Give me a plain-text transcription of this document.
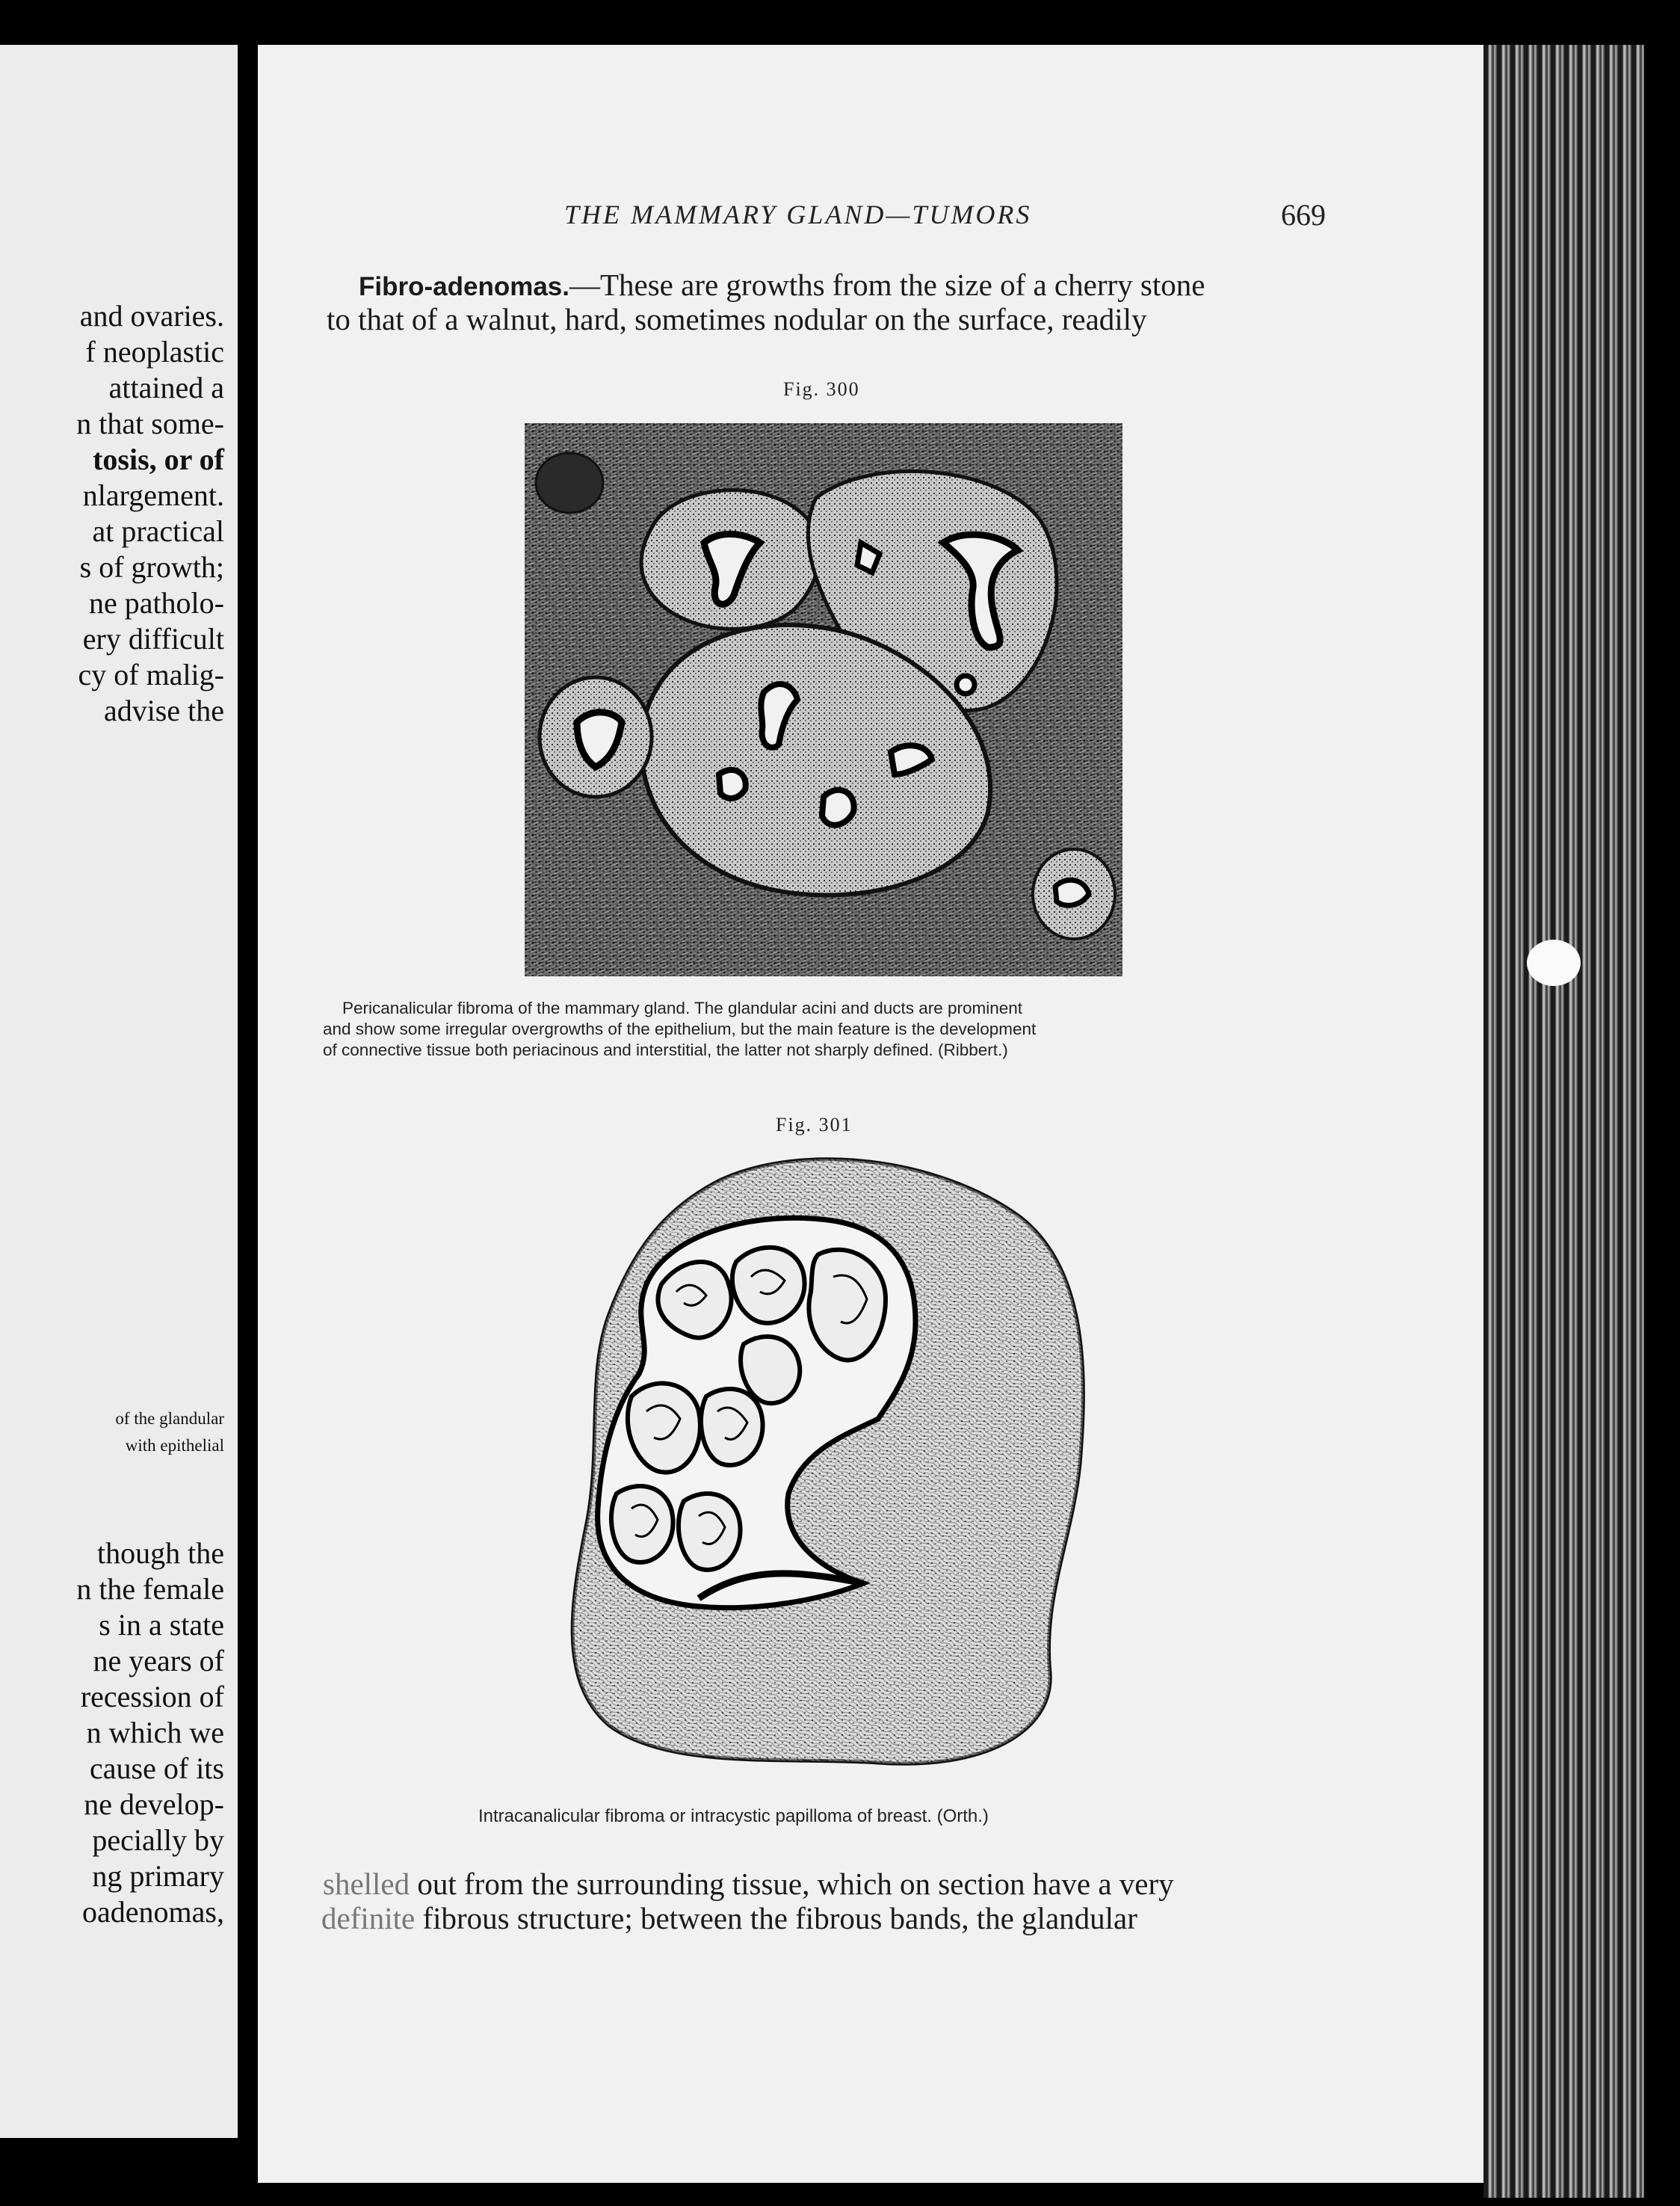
and ovaries.
f neoplastic
attained a
n that some-
tosis, or of
nlargement.
at practical
s of growth;
ne patholo-
ery difficult
cy of malig-
advise the
of the glandular
with epithelial
though the
n the female
s in a state
ne years of
recession of
n which we
cause of its
ne develop-
pecially by
ng primary
oadenomas,
THE MAMMARY GLAND—TUMORS	669
Fibro-adenomas.—These are growths from the size of a cherry stone
to that of a walnut, hard, sometimes nodular on the surface, readily
Fig. 300
Pericanalicular fibroma of the mammary gland. The glandular acini and ducts are prominent
and show some irregular overgrowths of the epithelium, but the main feature is the development
of connective tissue both periacinous and interstitial, the latter not sharply defined. (Ribbert.)
Fig. 301
Intracanalicular fibroma or intracystic papilloma of breast. (Orth.)
shelled out from the surrounding tissue, which on section have a very
definite fibrous structure; between the fibrous bands, the glandular
